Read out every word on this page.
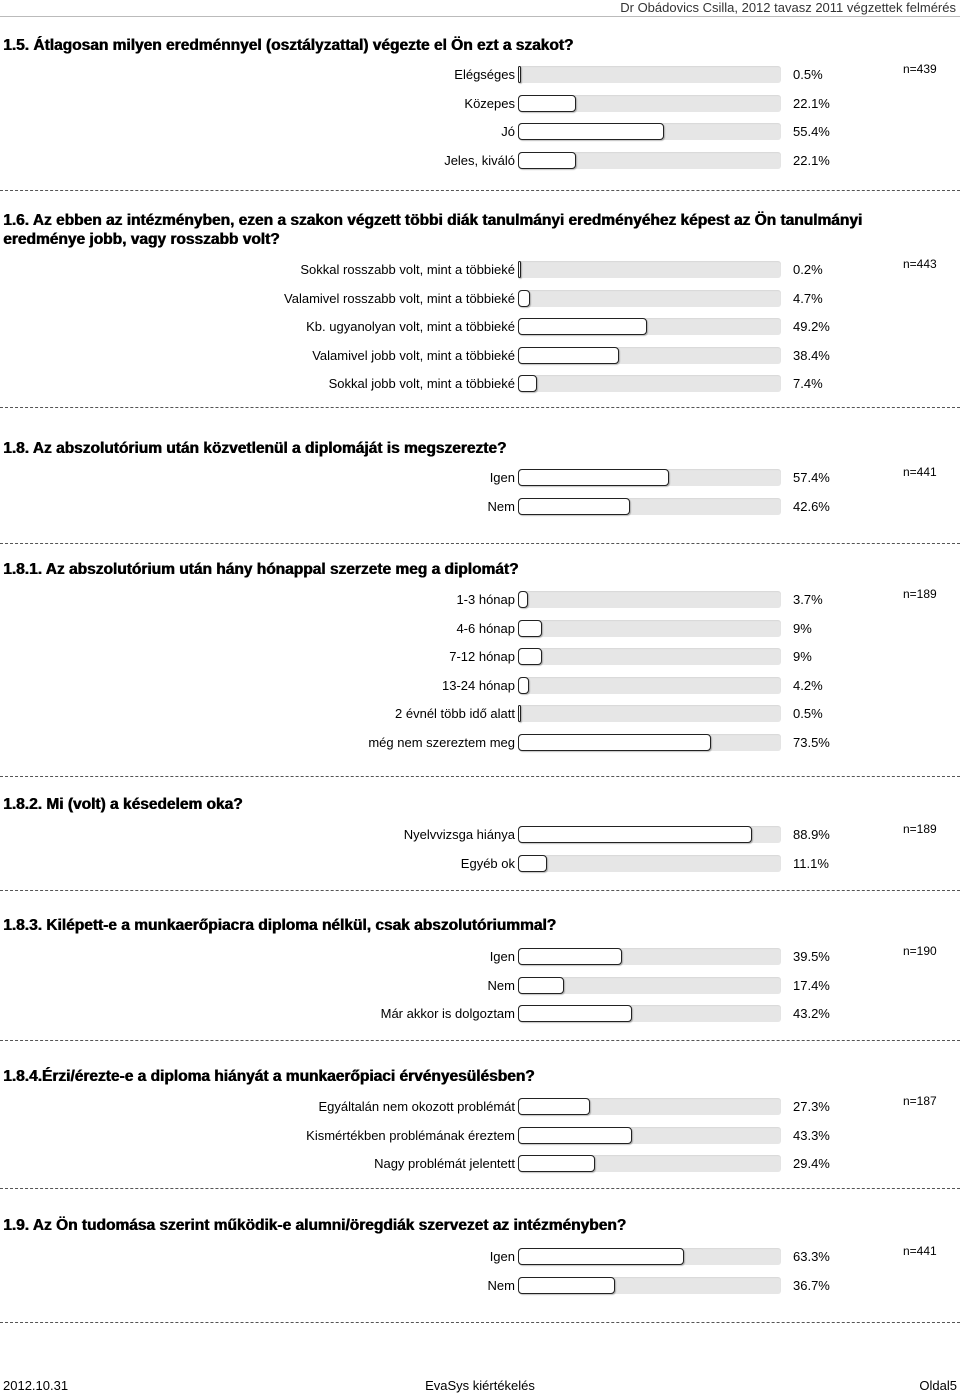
Dr Obádovics Csilla, 2012 tavasz 2011 végzettek felmérés
1.5. Átlagosan milyen eredménnyel (osztályzattal) végezte el Ön ezt a szakot?
n=439
Elégséges	0.5%
Közepes	22.1%
Jó	55.4%
Jeles, kiváló	22.1%
1.6. Az ebben az intézményben, ezen a szakon végzett többi diák tanulmányi eredményéhez képest az Ön tanulmányi eredménye jobb, vagy rosszabb volt?
n=443
Sokkal rosszabb volt, mint a többieké	0.2%
Valamivel rosszabb volt, mint a többieké	4.7%
Kb. ugyanolyan volt, mint a többieké	49.2%
Valamivel jobb volt, mint a többieké	38.4%
Sokkal jobb volt, mint a többieké	7.4%
1.8. Az abszolutórium után közvetlenül a diplomáját is megszerezte?
n=441
Igen	57.4%
Nem	42.6%
1.8.1. Az abszolutórium után hány hónappal szerzete meg a diplomát?
n=189
1-3 hónap	3.7%
4-6 hónap	9%
7-12 hónap	9%
13-24 hónap	4.2%
2 évnél több idő alatt	0.5%
még nem szereztem meg	73.5%
1.8.2. Mi (volt) a késedelem oka?
n=189
Nyelvvizsga hiánya	88.9%
Egyéb ok	11.1%
1.8.3. Kilépett-e a munkaerőpiacra diploma nélkül, csak abszolutóriummal?
n=190
Igen	39.5%
Nem	17.4%
Már akkor is dolgoztam	43.2%
1.8.4.Érzi/érezte-e a diploma hiányát a munkaerőpiaci érvényesülésben?
n=187
Egyáltalán nem okozott problémát	27.3%
Kismértékben problémának éreztem	43.3%
Nagy problémát jelentett	29.4%
1.9. Az Ön tudomása szerint működik-e alumni/öregdiák szervezet az intézményben?
n=441
Igen	63.3%
Nem	36.7%
2012.10.31	EvaSys kiértékelés	Oldal5
